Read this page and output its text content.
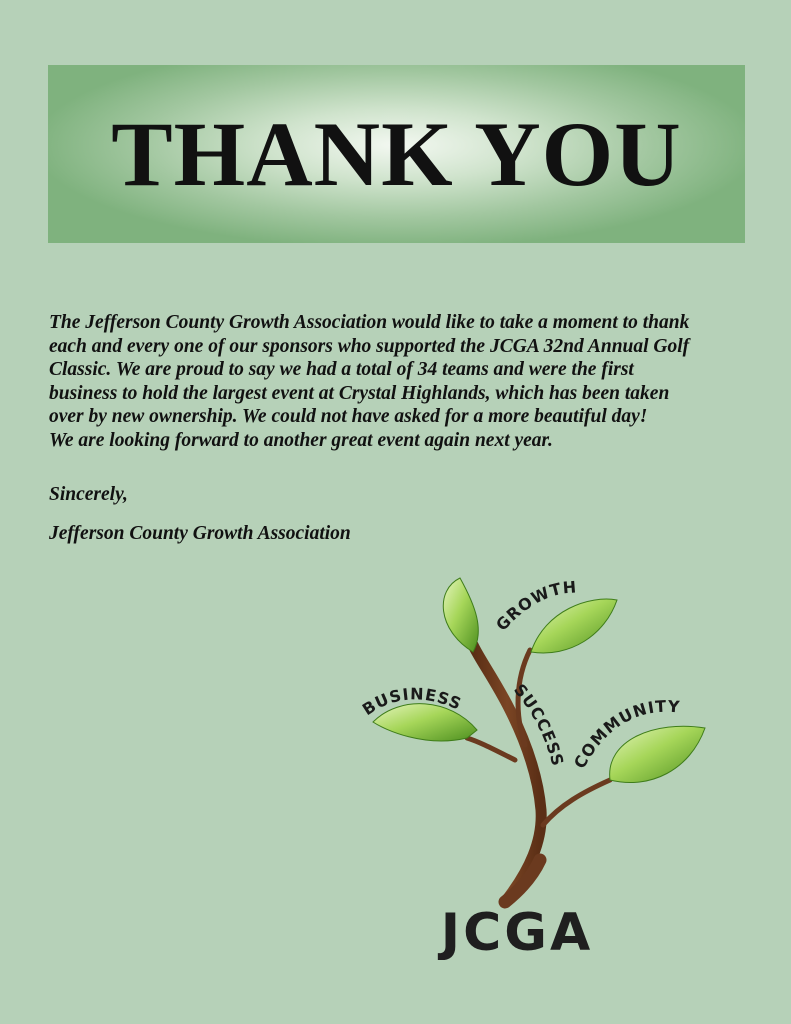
THANK YOU

The Jefferson County Growth Association would like to take a moment to thank
each and every one of our sponsors who supported the JCGA 32nd Annual Golf
Classic. We are proud to say we had a total of 34 teams and were the first
business to hold the largest event at Crystal Highlands, which has been taken
over by new ownership. We could not have asked for a more beautiful day!
We are looking forward to another great event again next year.

Sincerely,

Jefferson County Growth Association

GROWTH
BUSINESS
SUCCESS COMMUNITY
JCGA
